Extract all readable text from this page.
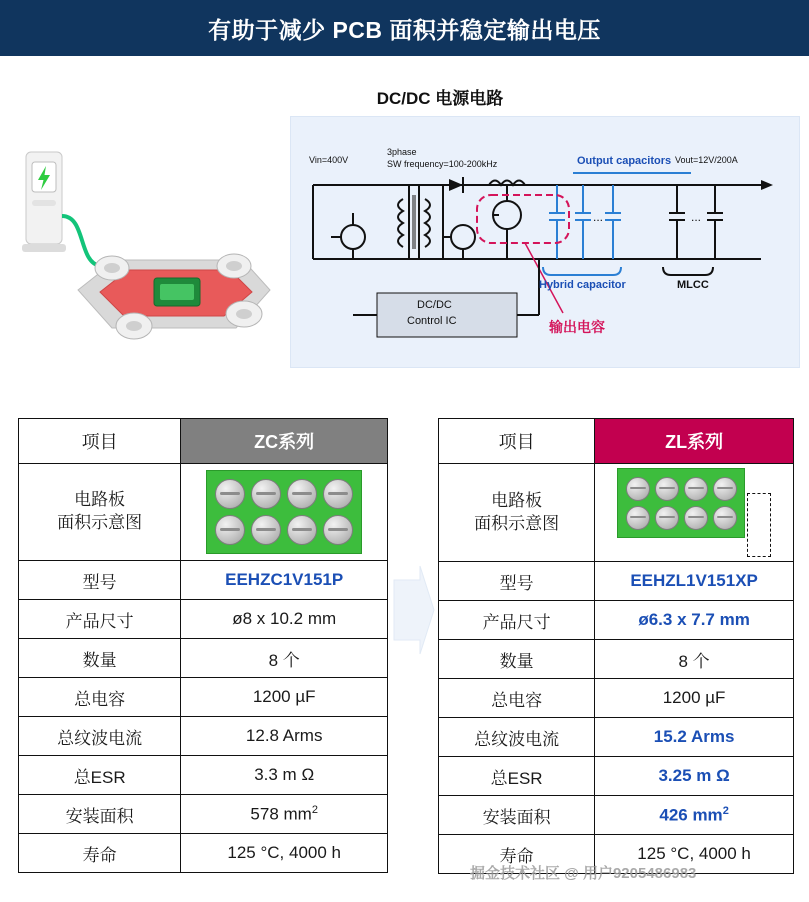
有助于减少 PCB 面积并稳定输出电压
DC/DC 电源电路
...	...
Vin=400V
3phase
SW frequency=100-200kHz	Vout=12V/200A
Output capacitors
Hybrid capacitor	MLCC
DC/DC
Control IC	输出电容
项目	ZC系列

电路板
面积示意图	

型号	EEHZC1V151P
产品尺寸	ø8 x 10.2 mm
数量	8 个
总电容	1200 µF
总纹波电流	12.8 Arms
总ESR	3.3 m Ω
安装面积	578 $mm^2$
寿命	125 °C, 4000 h
项目	ZL系列

电路板
面积示意图	

型号	EEHZL1V151XP
产品尺寸	ø6.3 x 7.7 mm
数量	8 个
总电容	1200 µF
总纹波电流	15.2 Arms
总ESR	3.25 m Ω
安装面积	426 $mm^2$
寿命	125 °C, 4000 h
掘金技术社区 @ 用户9205486983
